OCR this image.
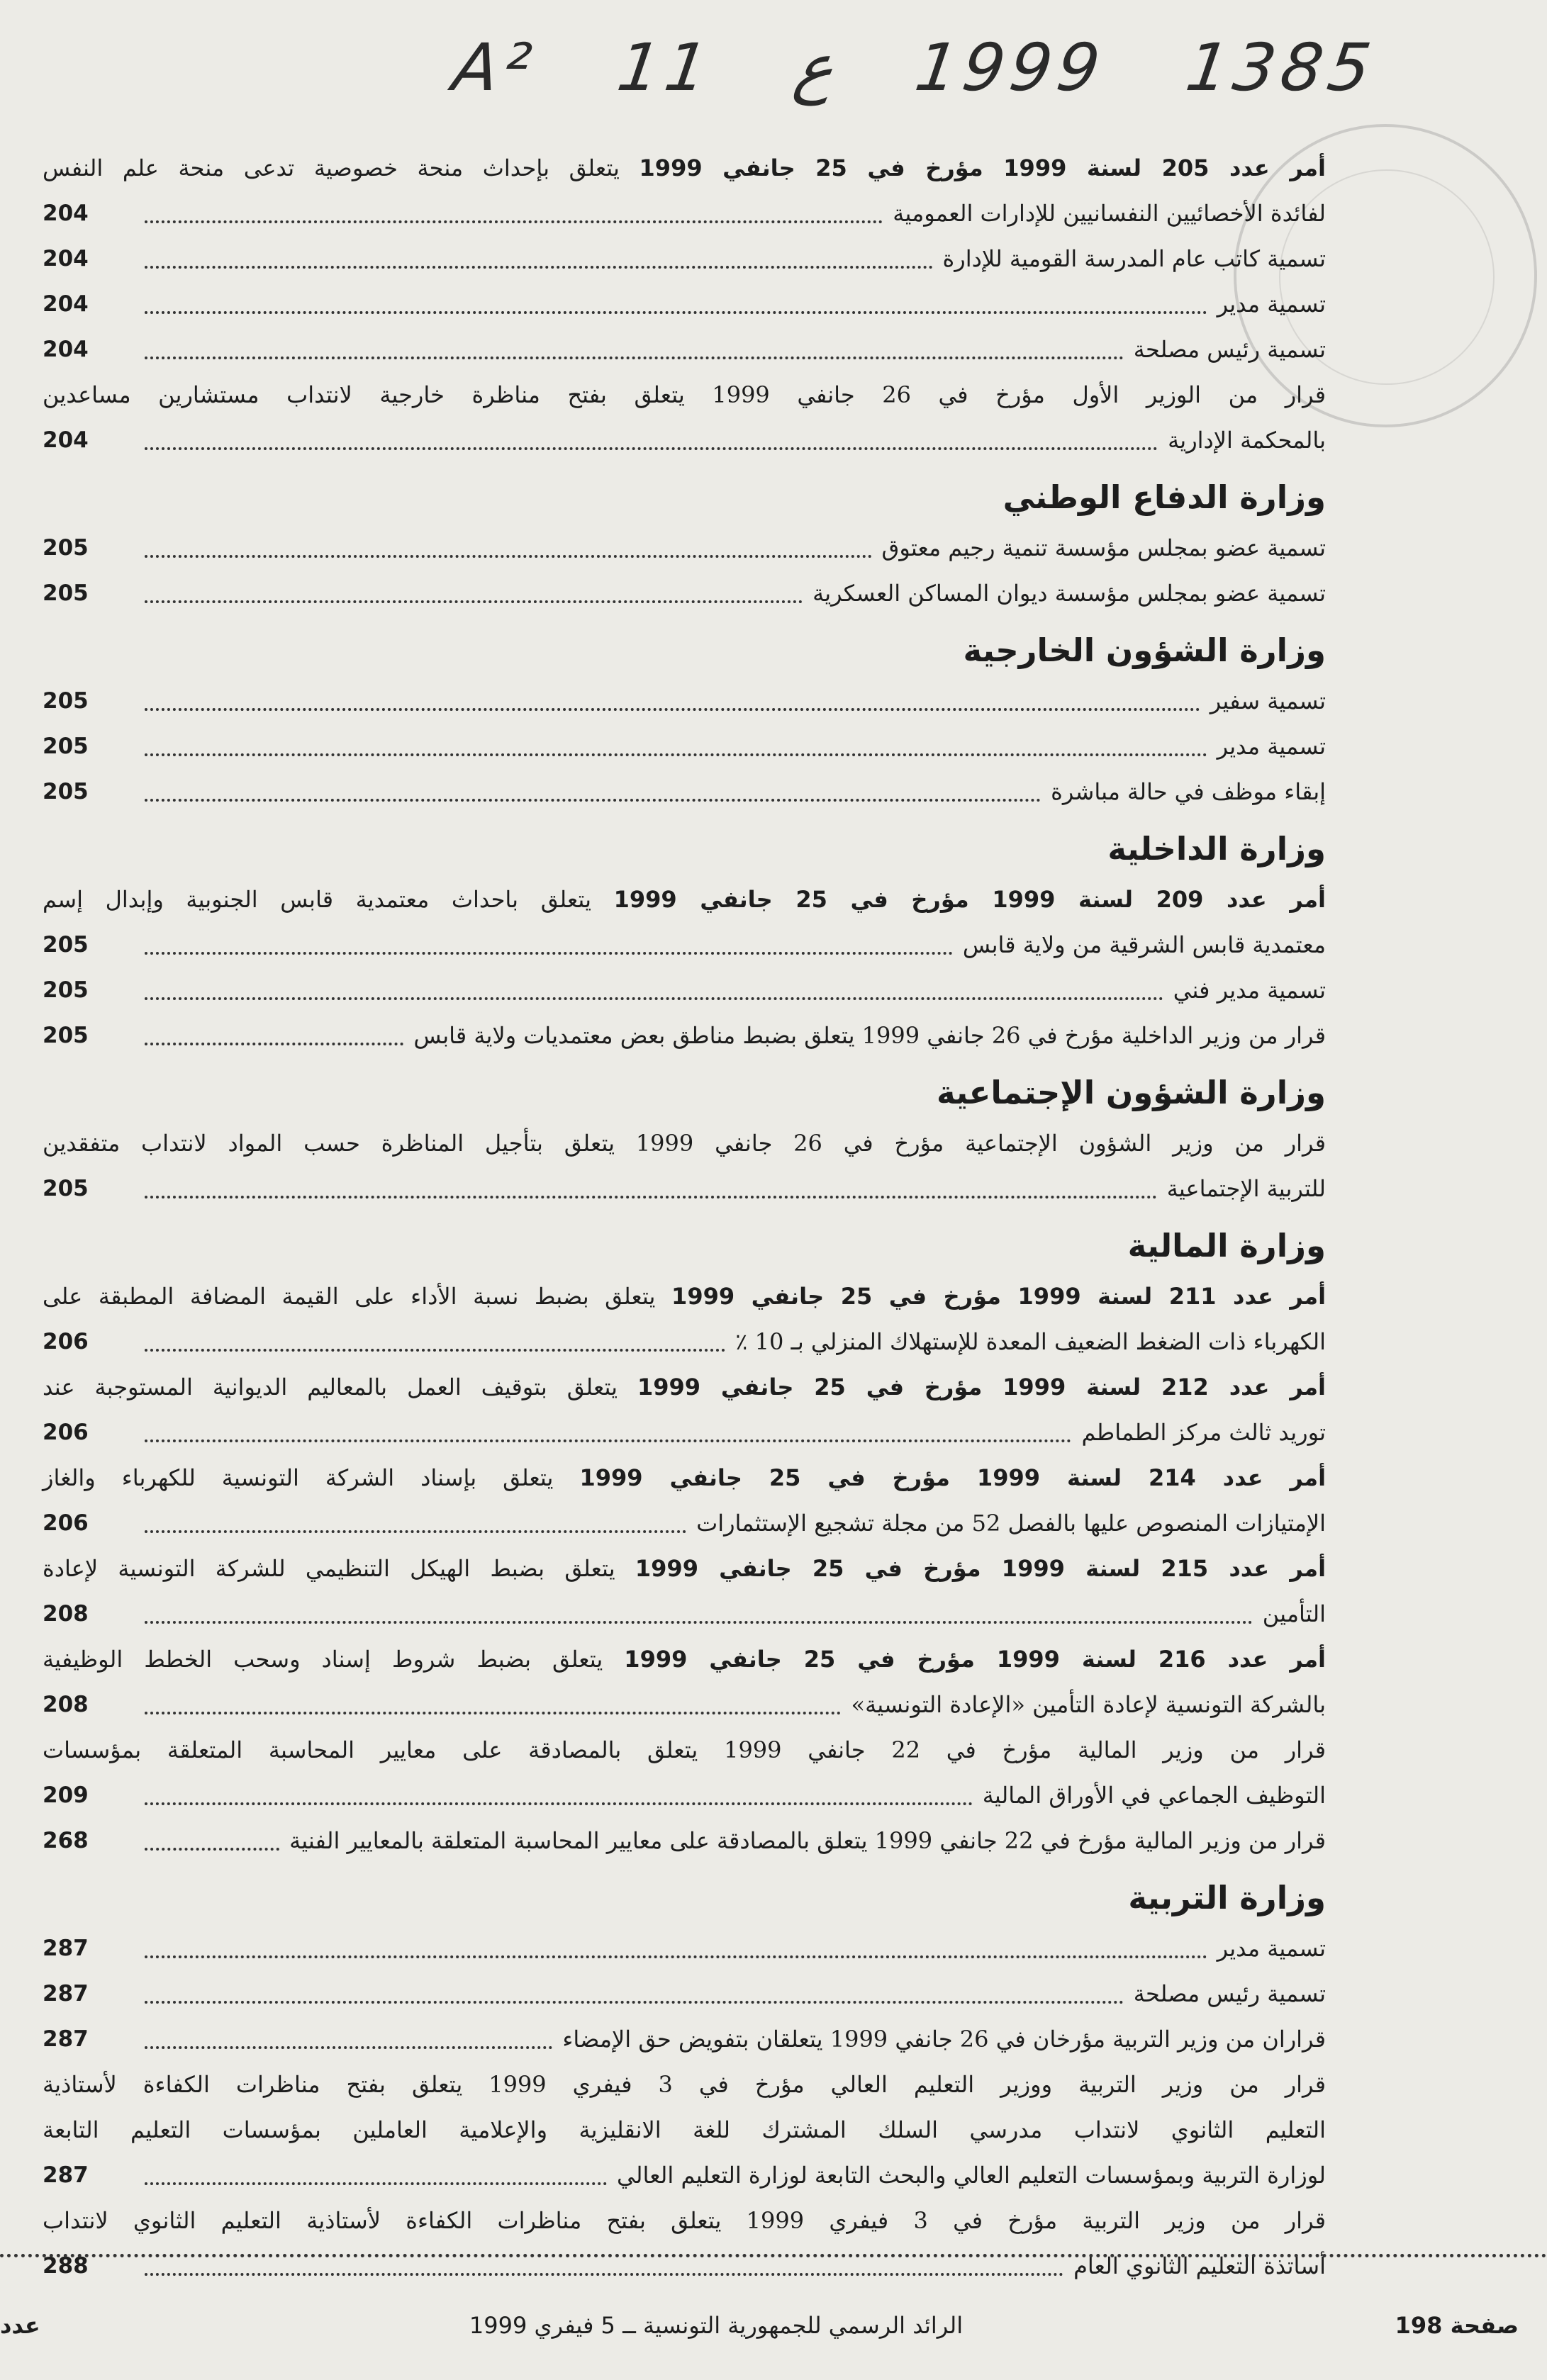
A² 11 ع 1999 1385
أمر عدد 205 لسنة 1999 مؤرخ في 25 جانفي 1999 يتعلق بإحداث منحة خصوصية تدعى منحة علم النفس
لفائدة الأخصائيين النفسانيين للإدارات العمومية
204
تسمية كاتب عام المدرسة القومية للإدارة
204
تسمية مدير
204
تسمية رئيس مصلحة
204
قرار من الوزير الأول مؤرخ في 26 جانفي 1999 يتعلق بفتح مناظرة خارجية لانتداب مستشارين مساعدين
بالمحكمة الإدارية
204
وزارة الدفاع الوطني
تسمية عضو بمجلس مؤسسة تنمية رجيم معتوق
205
تسمية عضو بمجلس مؤسسة ديوان المساكن العسكرية
205
وزارة الشؤون الخارجية
تسمية سفير
205
تسمية مدير
205
إبقاء موظف في حالة مباشرة
205
وزارة الداخلية
أمر عدد 209 لسنة 1999 مؤرخ في 25 جانفي 1999 يتعلق باحداث معتمدية قابس الجنوبية وإبدال إسم
معتمدية قابس الشرقية من ولاية قابس
205
تسمية مدير فني
205
قرار من وزير الداخلية مؤرخ في 26 جانفي 1999 يتعلق بضبط مناطق بعض معتمديات ولاية قابس
205
وزارة الشؤون الإجتماعية
قرار من وزير الشؤون الإجتماعية مؤرخ في 26 جانفي 1999 يتعلق بتأجيل المناظرة حسب المواد لانتداب متفقدين
للتربية الإجتماعية
205
وزارة المالية
أمر عدد 211 لسنة 1999 مؤرخ في 25 جانفي 1999 يتعلق بضبط نسبة الأداء على القيمة المضافة المطبقة على
الكهرباء ذات الضغط الضعيف المعدة للإستهلاك المنزلي بـ 10 ٪
206
أمر عدد 212 لسنة 1999 مؤرخ في 25 جانفي 1999 يتعلق بتوقيف العمل بالمعاليم الديوانية المستوجبة عند
توريد ثالث مركز الطماطم
206
أمر عدد 214 لسنة 1999 مؤرخ في 25 جانفي 1999 يتعلق بإسناد الشركة التونسية للكهرباء والغاز
الإمتيازات المنصوص عليها بالفصل 52 من مجلة تشجيع الإستثمارات
206
أمر عدد 215 لسنة 1999 مؤرخ في 25 جانفي 1999 يتعلق بضبط الهيكل التنظيمي للشركة التونسية لإعادة
التأمين
208
أمر عدد 216 لسنة 1999 مؤرخ في 25 جانفي 1999 يتعلق بضبط شروط إسناد وسحب الخطط الوظيفية
بالشركة التونسية لإعادة التأمين «الإعادة التونسية»
208
قرار من وزير المالية مؤرخ في 22 جانفي 1999 يتعلق بالمصادقة على معايير المحاسبة المتعلقة بمؤسسات
التوظيف الجماعي في الأوراق المالية
209
قرار من وزير المالية مؤرخ في 22 جانفي 1999 يتعلق بالمصادقة على معايير المحاسبة المتعلقة بالمعايير الفنية
268
وزارة التربية
تسمية مدير
287
تسمية رئيس مصلحة
287
قراران من وزير التربية مؤرخان في 26 جانفي 1999 يتعلقان بتفويض حق الإمضاء
287
قرار من وزير التربية ووزير التعليم العالي مؤرخ في 3 فيفري 1999 يتعلق بفتح مناظرات الكفاءة لأستاذية
التعليم الثانوي لانتداب مدرسي السلك المشترك للغة الانقليزية والإعلامية العاملين بمؤسسات التعليم التابعة
لوزارة التربية وبمؤسسات التعليم العالي والبحث التابعة لوزارة التعليم العالي
287
قرار من وزير التربية مؤرخ في 3 فيفري 1999 يتعلق بفتح مناظرات الكفاءة لأستاذية التعليم الثانوي لانتداب
أساتذة التعليم الثانوي العام
288
عدد	الرائد الرسمي للجمهورية التونسية ــ 5 فيفري 1999	صفحة 198
